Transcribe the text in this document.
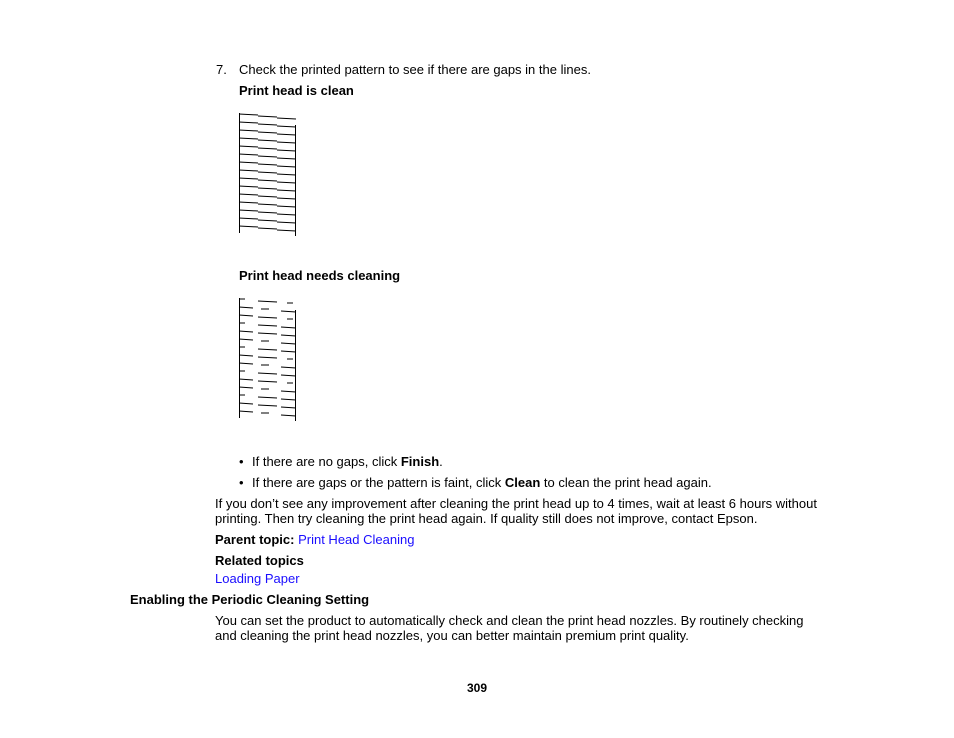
7. Check the printed pattern to see if there are gaps in the lines.
Print head is clean
Print head needs cleaning
• If there are no gaps, click Finish.
• If there are gaps or the pattern is faint, click Clean to clean the print head again.
If you don’t see any improvement after cleaning the print head up to 4 times, wait at least 6 hours without
printing. Then try cleaning the print head again. If quality still does not improve, contact Epson.
Parent topic: Print Head Cleaning
Related topics
Loading Paper
Enabling the Periodic Cleaning Setting
You can set the product to automatically check and clean the print head nozzles. By routinely checking
and cleaning the print head nozzles, you can better maintain premium print quality.
309
